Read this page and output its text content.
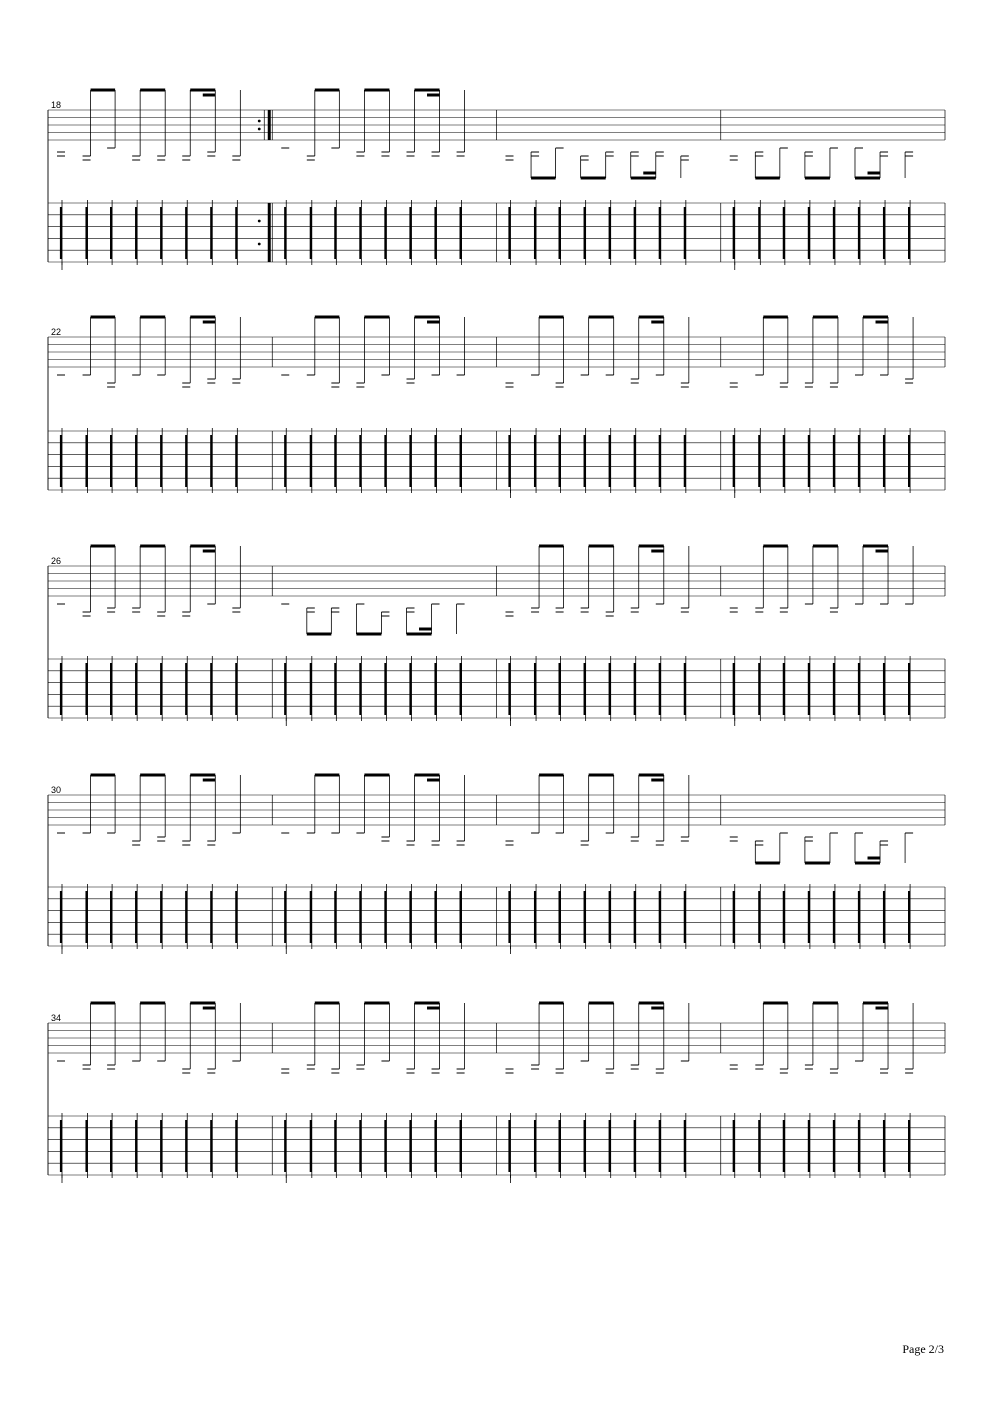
18
22
26
30
34
Page 2/3
